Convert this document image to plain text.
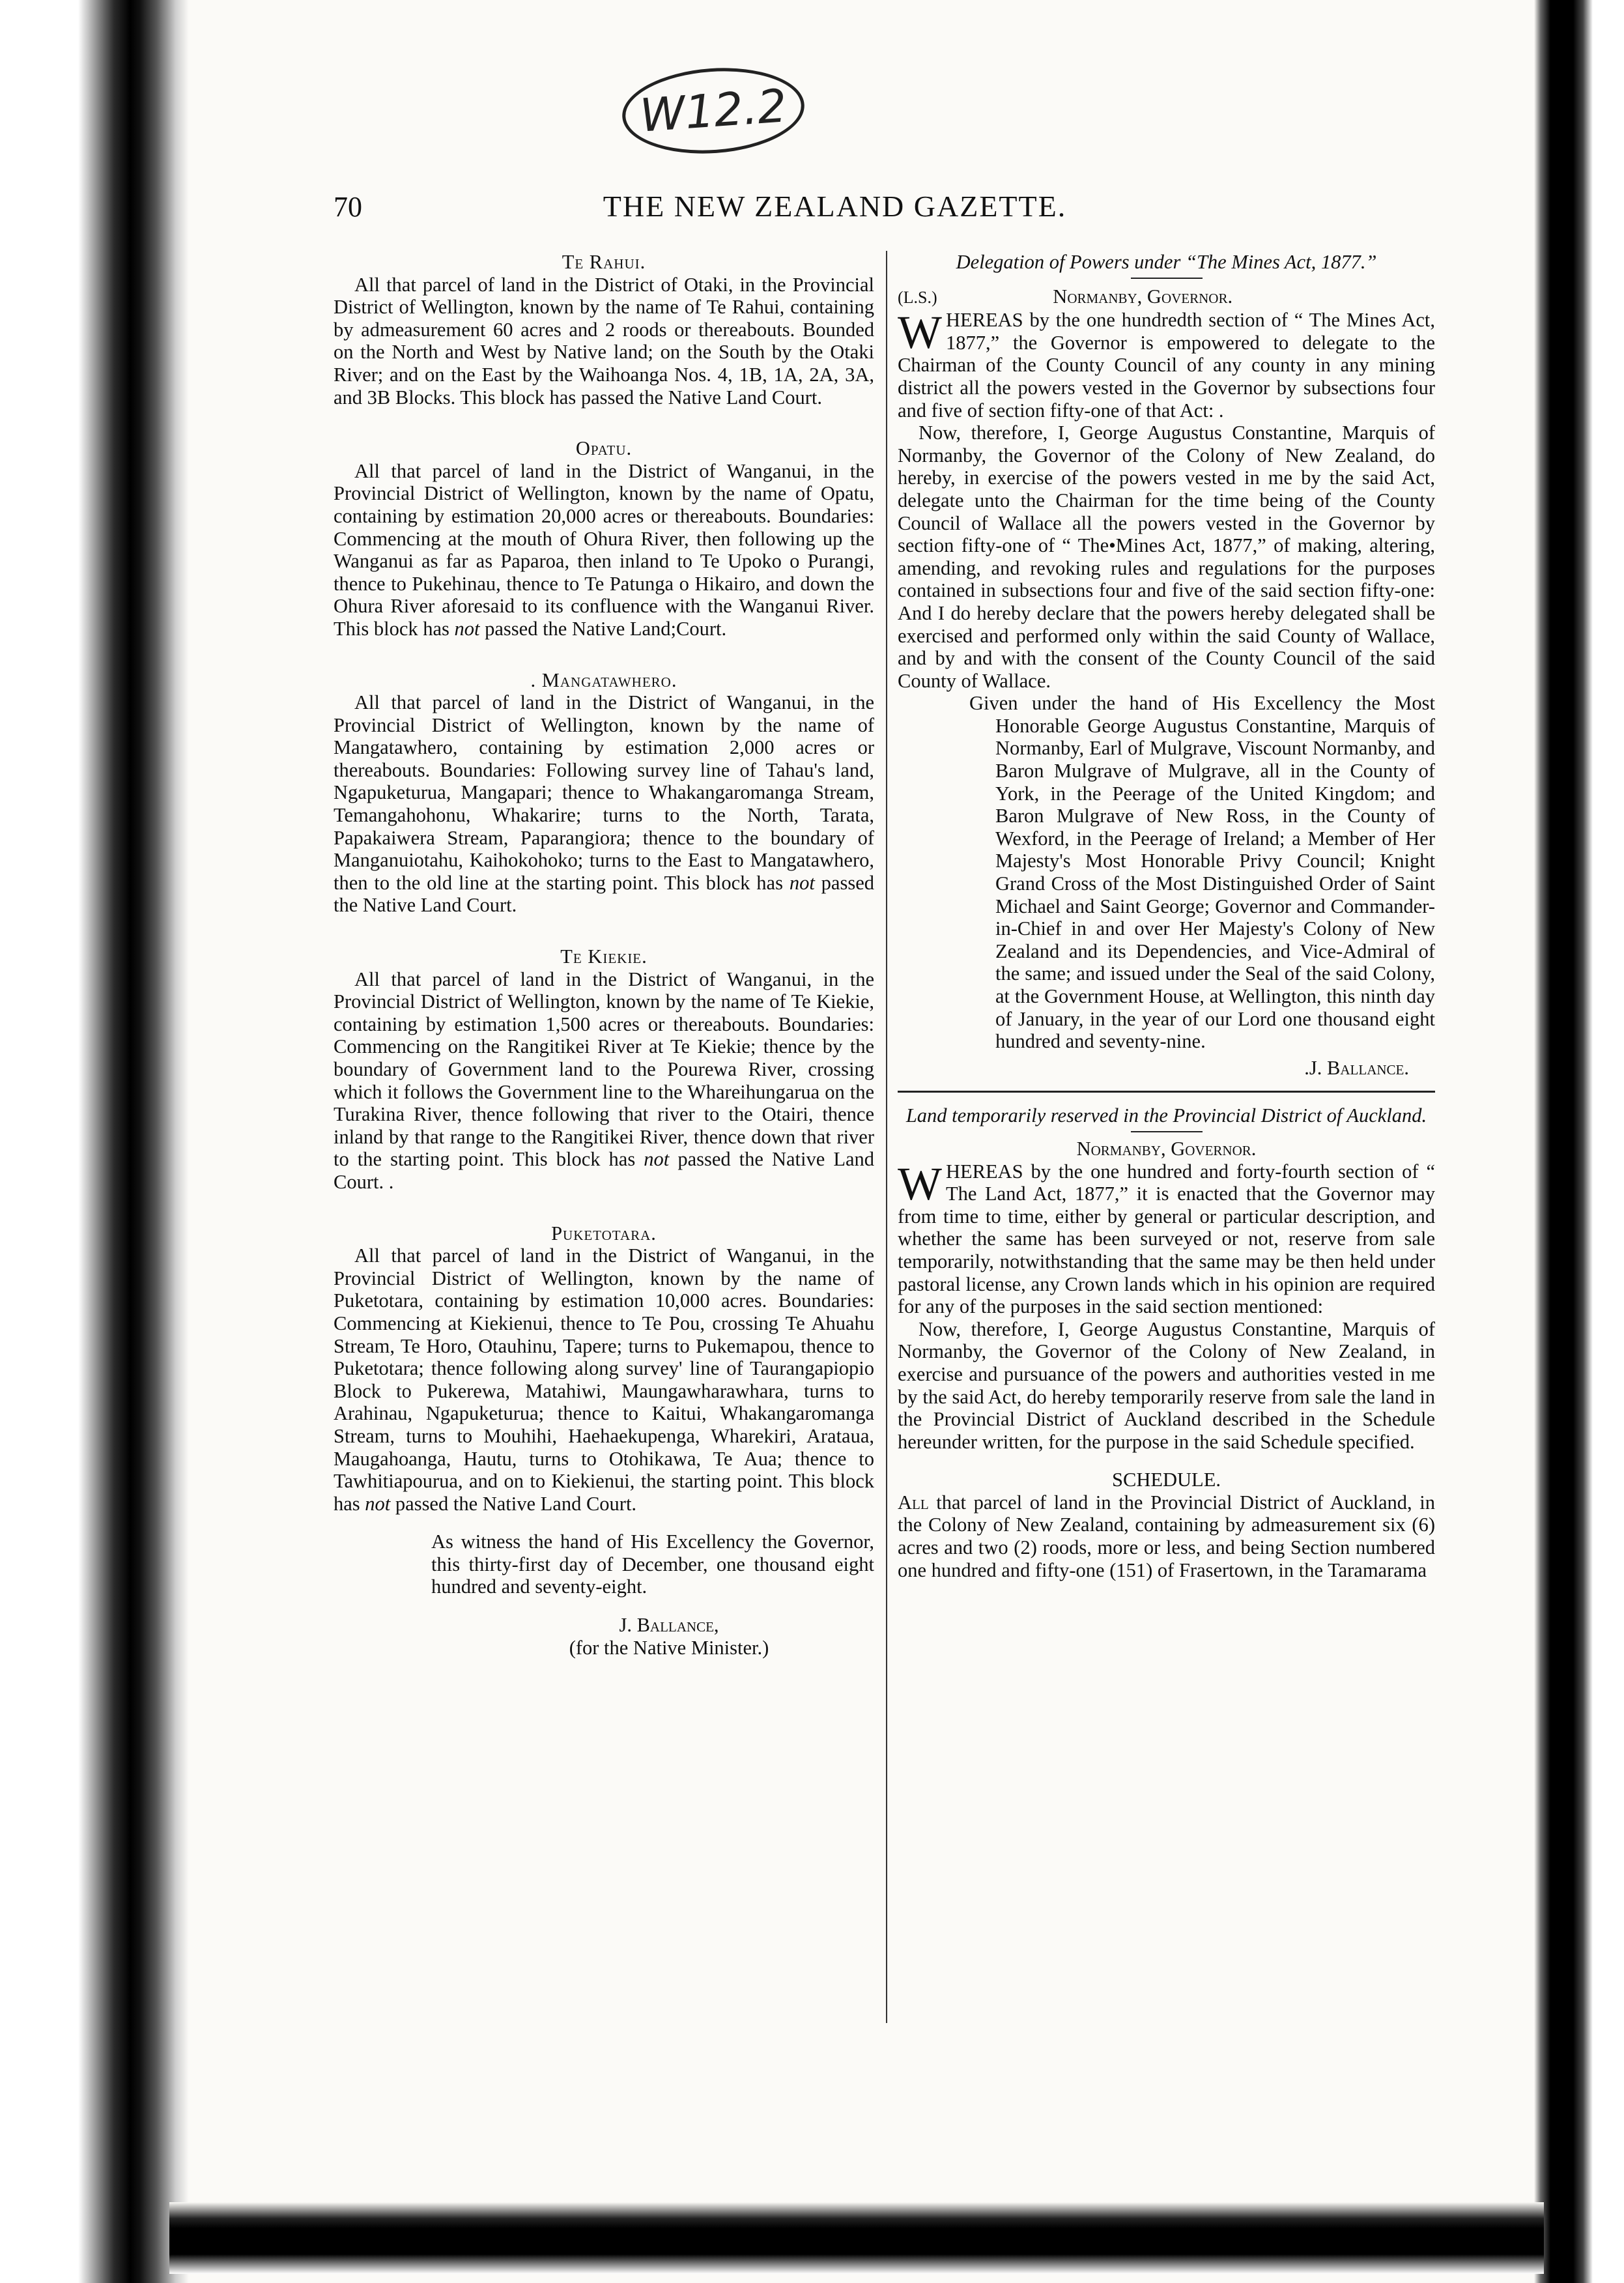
W12.2
70	THE NEW ZEALAND GAZETTE.

Te Rahui.

All that parcel of land in the District of Otaki, in the Provincial District of Wellington, known by the name of Te Rahui, containing by admeasurement 60 acres and 2 roods or thereabouts. Bounded on the North and West by Native land; on the South by the Otaki River; and on the East by the Waihoanga Nos. 4, 1B, 1A, 2A, 3A, and 3B Blocks. This block has passed the Native Land Court.

Opatu.

All that parcel of land in the District of Wanganui, in the Provincial District of Wellington, known by the name of Opatu, containing by estimation 20,000 acres or thereabouts. Boundaries: Commencing at the mouth of Ohura River, then following up the Wanganui as far as Paparoa, then inland to Te Upoko o Purangi, thence to Pukehinau, thence to Te Patunga o Hikairo, and down the Ohura River aforesaid to its confluence with the Wanganui River. This block has not passed the Native Land;Court.

. Mangatawhero.

All that parcel of land in the District of Wanganui, in the Provincial District of Wellington, known by the name of Mangatawhero, containing by estimation 2,000 acres or thereabouts. Boundaries: Following survey line of Tahau's land, Ngapuketurua, Mangapari; thence to Whakangaromanga Stream, Temangahohonu, Whakarire; turns to the North, Tarata, Papakaiwera Stream, Paparangiora; thence to the boundary of Manganuiotahu, Kaihokohoko; turns to the East to Mangatawhero, then to the old line at the starting point. This block has not passed the Native Land Court.

Te Kiekie.

All that parcel of land in the District of Wanganui, in the Provincial District of Wellington, known by the name of Te Kiekie, containing by estimation 1,500 acres or thereabouts. Boundaries: Commencing on the Rangitikei River at Te Kiekie; thence by the boundary of Government land to the Pourewa River, crossing which it follows the Government line to the Whareihungarua on the Turakina River, thence following that river to the Otairi, thence inland by that range to the Rangitikei River, thence down that river to the starting point. This block has not passed the Native Land Court. .

Puketotara.

All that parcel of land in the District of Wanganui, in the Provincial District of Wellington, known by the name of Puketotara, containing by estimation 10,000 acres. Boundaries: Commencing at Kiekienui, thence to Te Pou, crossing Te Ahuahu Stream, Te Horo, Otauhinu, Tapere; turns to Pukemapou, thence to Puketotara; thence following along survey' line of Taurangapiopio Block to Pukerewa, Matahiwi, Maungawharawhara, turns to Arahinau, Ngapuketurua; thence to Kaitui, Whakangaromanga Stream, turns to Mouhihi, Haehaekupenga, Wharekiri, Arataua, Maugahoanga, Hautu, turns to Otohikawa, Te Aua; thence to Tawhitiapourua, and on to Kiekienui, the starting point. This block has not passed the Native Land Court.

As witness the hand of His Excellency the Governor, this thirty-first day of December, one thousand eight hundred and seventy-eight.

J. Ballance,

(for the Native Minister.)

Delegation of Powers under “The Mines Act, 1877.”

(L.S.)	Normanby, Governor.

WHEREAS by the one hundredth section of “ The Mines Act, 1877,” the Governor is empowered to delegate to the Chairman of the County Council of any county in any mining district all the powers vested in the Governor by subsections four and five of section fifty-one of that Act: .

Now, therefore, I, George Augustus Constantine, Marquis of Normanby, the Governor of the Colony of New Zealand, do hereby, in exercise of the powers vested in me by the said Act, delegate unto the Chairman for the time being of the County Council of Wallace all the powers vested in the Governor by section fifty-one of “ The•Mines Act, 1877,” of making, altering, amending, and revoking rules and regulations for the purposes contained in subsections four and five of the said section fifty-one: And I do hereby declare that the powers hereby delegated shall be exercised and performed only within the said County of Wallace, and by and with the consent of the County Council of the said County of Wallace.

Given under the hand of His Excellency the Most Honorable George Augustus Constantine, Marquis of Normanby, Earl of Mulgrave, Viscount Normanby, and Baron Mulgrave of Mulgrave, all in the County of York, in the Peerage of the United Kingdom; and Baron Mulgrave of New Ross, in the County of Wexford, in the Peerage of Ireland; a Member of Her Majesty's Most Honorable Privy Council; Knight Grand Cross of the Most Distinguished Order of Saint Michael and Saint George; Governor and Commander-in-Chief in and over Her Majesty's Colony of New Zealand and its Dependencies, and Vice-Admiral of the same; and issued under the Seal of the said Colony, at the Government House, at Wellington, this ninth day of January, in the year of our Lord one thousand eight hundred and seventy-nine.

.J. Ballance.

Land temporarily reserved in the Provincial District of Auckland.

Normanby, Governor.

WHEREAS by the one hundred and forty-fourth section of “ The Land Act, 1877,” it is enacted that the Governor may from time to time, either by general or particular description, and whether the same has been surveyed or not, reserve from sale temporarily, notwithstanding that the same may be then held under pastoral license, any Crown lands which in his opinion are required for any of the purposes in the said section mentioned:

Now, therefore, I, George Augustus Constantine, Marquis of Normanby, the Governor of the Colony of New Zealand, in exercise and pursuance of the powers and authorities vested in me by the said Act, do hereby temporarily reserve from sale the land in the Provincial District of Auckland described in the Schedule hereunder written, for the purpose in the said Schedule specified.

SCHEDULE.

All that parcel of land in the Provincial District of Auckland, in the Colony of New Zealand, containing by admeasurement six (6) acres and two (2) roods, more or less, and being Section numbered one hundred and fifty-one (151) of Frasertown, in the Taramarama
